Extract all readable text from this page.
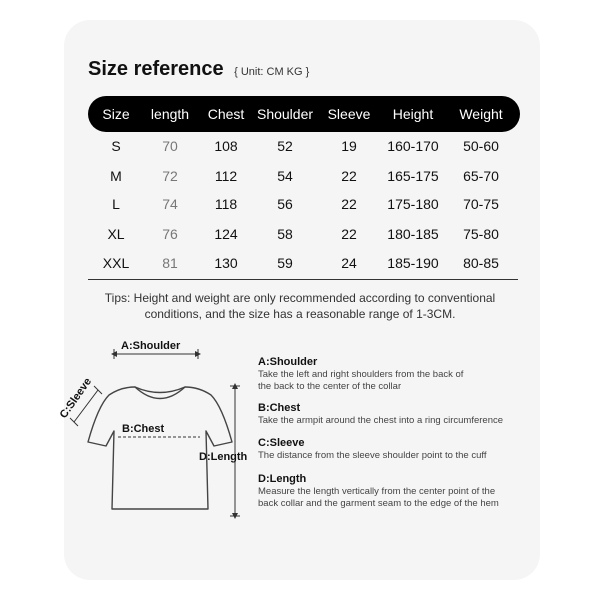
Size reference { Unit: CM KG }
Size length Chest Shoulder Sleeve Height Weight
S	70	108	52	19 160-170 50-60
M	72	112	54	22 165-175 65-70
L	74	118	56	22 175-180 70-75
XL	76	124	58	22 180-185 75-80
XXL 81	130	59	24 185-190 80-85
Tips: Height and weight are only recommended according to conventional
conditions, and the size has a reasonable range of 1-3CM.
A:Shoulder
B:Chest
C:Sleeve
D:Length
A:Shoulder

Take the left and right shoulders from the back of

the back to the center of the collar

B:Chest

Take the armpit around the chest into a ring circumference

C:Sleeve

The distance from the sleeve shoulder point to the cuff

D:Length

Measure the length vertically from the center point of the

back collar and the garment seam to the edge of the hem
